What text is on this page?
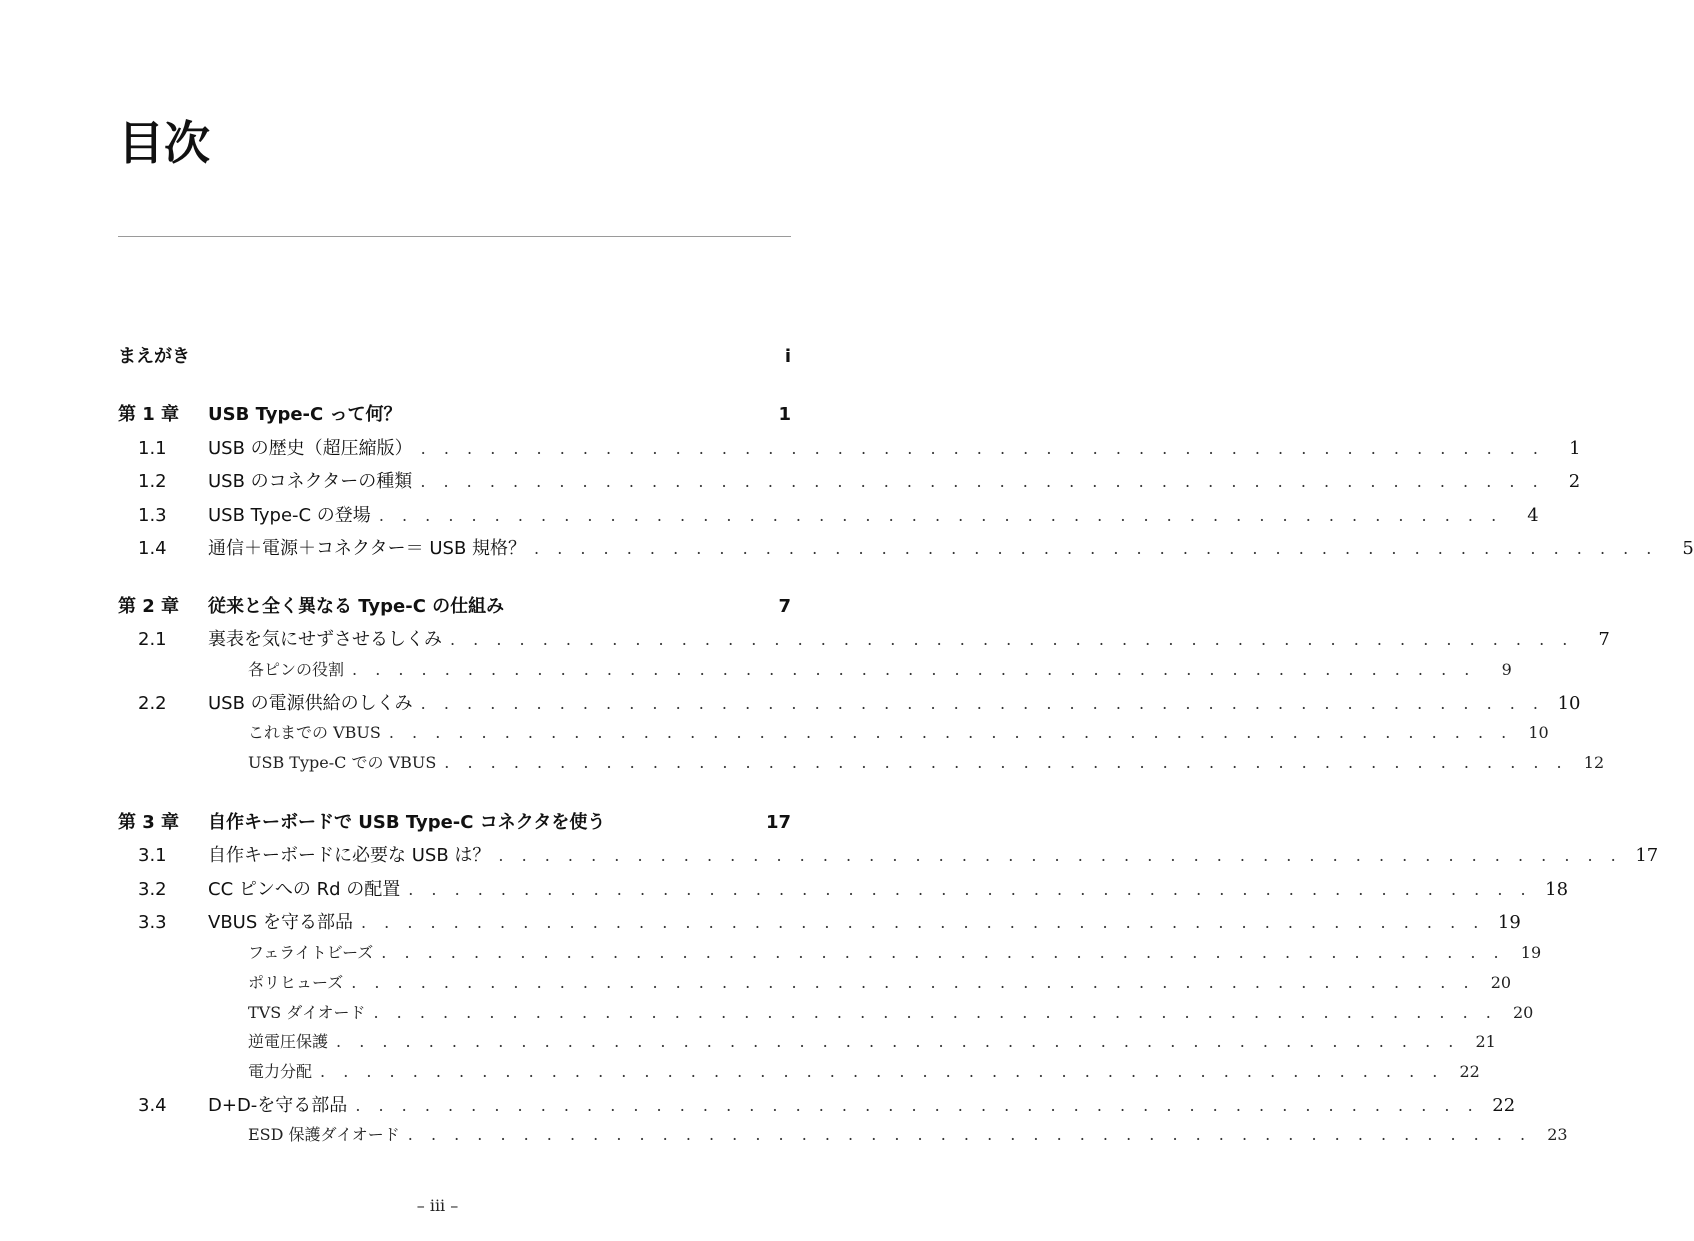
目次
まえがき	i
第 1 章	USB Type-C って何？	1
1.1	USB の歴史（超圧縮版） . . . . . . . . . . . . . . . . . . . . . . . . . . . . . . . . . . . . . . . . . . . . . . . . .	1
1.2	USB のコネクターの種類 . . . . . . . . . . . . . . . . . . . . . . . . . . . . . . . . . . . . . . . . . . . . . . . . .	2
1.3	USB Type-C の登場 . . . . . . . . . . . . . . . . . . . . . . . . . . . . . . . . . . . . . . . . . . . . . . . . .	4
1.4	通信＋電源＋コネクター＝ USB 規格？ . . . . . . . . . . . . . . . . . . . . . . . . . . . . . . . . . . . . . . . . . . . . . . . . .	5
第 2 章	従来と全く異なる Type-C の仕組み	7
2.1	裏表を気にせずさせるしくみ . . . . . . . . . . . . . . . . . . . . . . . . . . . . . . . . . . . . . . . . . . . . . . . . .	7
各ピンの役割 . . . . . . . . . . . . . . . . . . . . . . . . . . . . . . . . . . . . . . . . . . . . . . . . .	9
2.2	USB の電源供給のしくみ . . . . . . . . . . . . . . . . . . . . . . . . . . . . . . . . . . . . . . . . . . . . . . . . . 10
これまでの VBUS . . . . . . . . . . . . . . . . . . . . . . . . . . . . . . . . . . . . . . . . . . . . . . . . . 10
USB Type-C での VBUS . . . . . . . . . . . . . . . . . . . . . . . . . . . . . . . . . . . . . . . . . . . . . . . . . 12
第 3 章	自作キーボードで USB Type-C コネクタを使う	17
3.1	自作キーボードに必要な USB は？ . . . . . . . . . . . . . . . . . . . . . . . . . . . . . . . . . . . . . . . . . . . . . . . . . 17
3.2	CC ピンへの Rd の配置 . . . . . . . . . . . . . . . . . . . . . . . . . . . . . . . . . . . . . . . . . . . . . . . . . 18
3.3	VBUS を守る部品 . . . . . . . . . . . . . . . . . . . . . . . . . . . . . . . . . . . . . . . . . . . . . . . . . 19
フェライトビーズ . . . . . . . . . . . . . . . . . . . . . . . . . . . . . . . . . . . . . . . . . . . . . . . . . 19
ポリヒューズ . . . . . . . . . . . . . . . . . . . . . . . . . . . . . . . . . . . . . . . . . . . . . . . . . 20
TVS ダイオード . . . . . . . . . . . . . . . . . . . . . . . . . . . . . . . . . . . . . . . . . . . . . . . . . 20
逆電圧保護 . . . . . . . . . . . . . . . . . . . . . . . . . . . . . . . . . . . . . . . . . . . . . . . . . 21
電力分配 . . . . . . . . . . . . . . . . . . . . . . . . . . . . . . . . . . . . . . . . . . . . . . . . . 22
3.4	D+D-を守る部品 . . . . . . . . . . . . . . . . . . . . . . . . . . . . . . . . . . . . . . . . . . . . . . . . . 22
ESD 保護ダイオード . . . . . . . . . . . . . . . . . . . . . . . . . . . . . . . . . . . . . . . . . . . . . . . . . 23
– iii –
